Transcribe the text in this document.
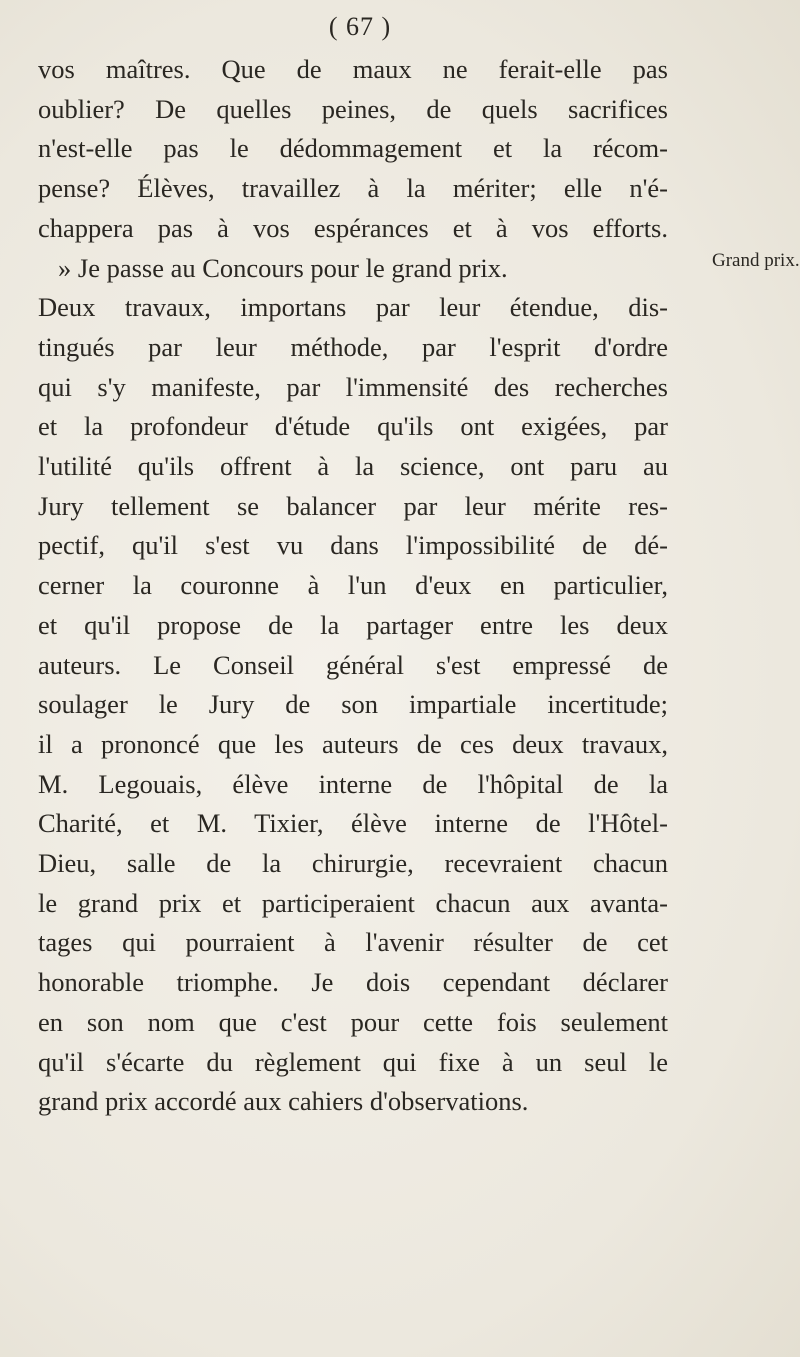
( 67 )
vos maîtres. Que de maux ne ferait-elle pas
oublier? De quelles peines, de quels sacrifices
n'est-elle pas le dédommagement et la récom-
pense? Élèves, travaillez à la mériter; elle n'é-
chappera pas à vos espérances et à vos efforts.
» Je passe au Concours pour le grand prix.
Deux travaux, importans par leur étendue, dis-
tingués par leur méthode, par l'esprit d'ordre
qui s'y manifeste, par l'immensité des recherches
et la profondeur d'étude qu'ils ont exigées, par
l'utilité qu'ils offrent à la science, ont paru au
Jury tellement se balancer par leur mérite res-
pectif, qu'il s'est vu dans l'impossibilité de dé-
cerner la couronne à l'un d'eux en particulier,
et qu'il propose de la partager entre les deux
auteurs. Le Conseil général s'est empressé de
soulager le Jury de son impartiale incertitude;
il a prononcé que les auteurs de ces deux travaux,
M. Legouais, élève interne de l'hôpital de la
Charité, et M. Tixier, élève interne de l'Hôtel-
Dieu, salle de la chirurgie, recevraient chacun
le grand prix et participeraient chacun aux avanta-
tages qui pourraient à l'avenir résulter de cet
honorable triomphe. Je dois cependant déclarer
en son nom que c'est pour cette fois seulement
qu'il s'écarte du règlement qui fixe à un seul le
grand prix accordé aux cahiers d'observations.
Grand prix.
